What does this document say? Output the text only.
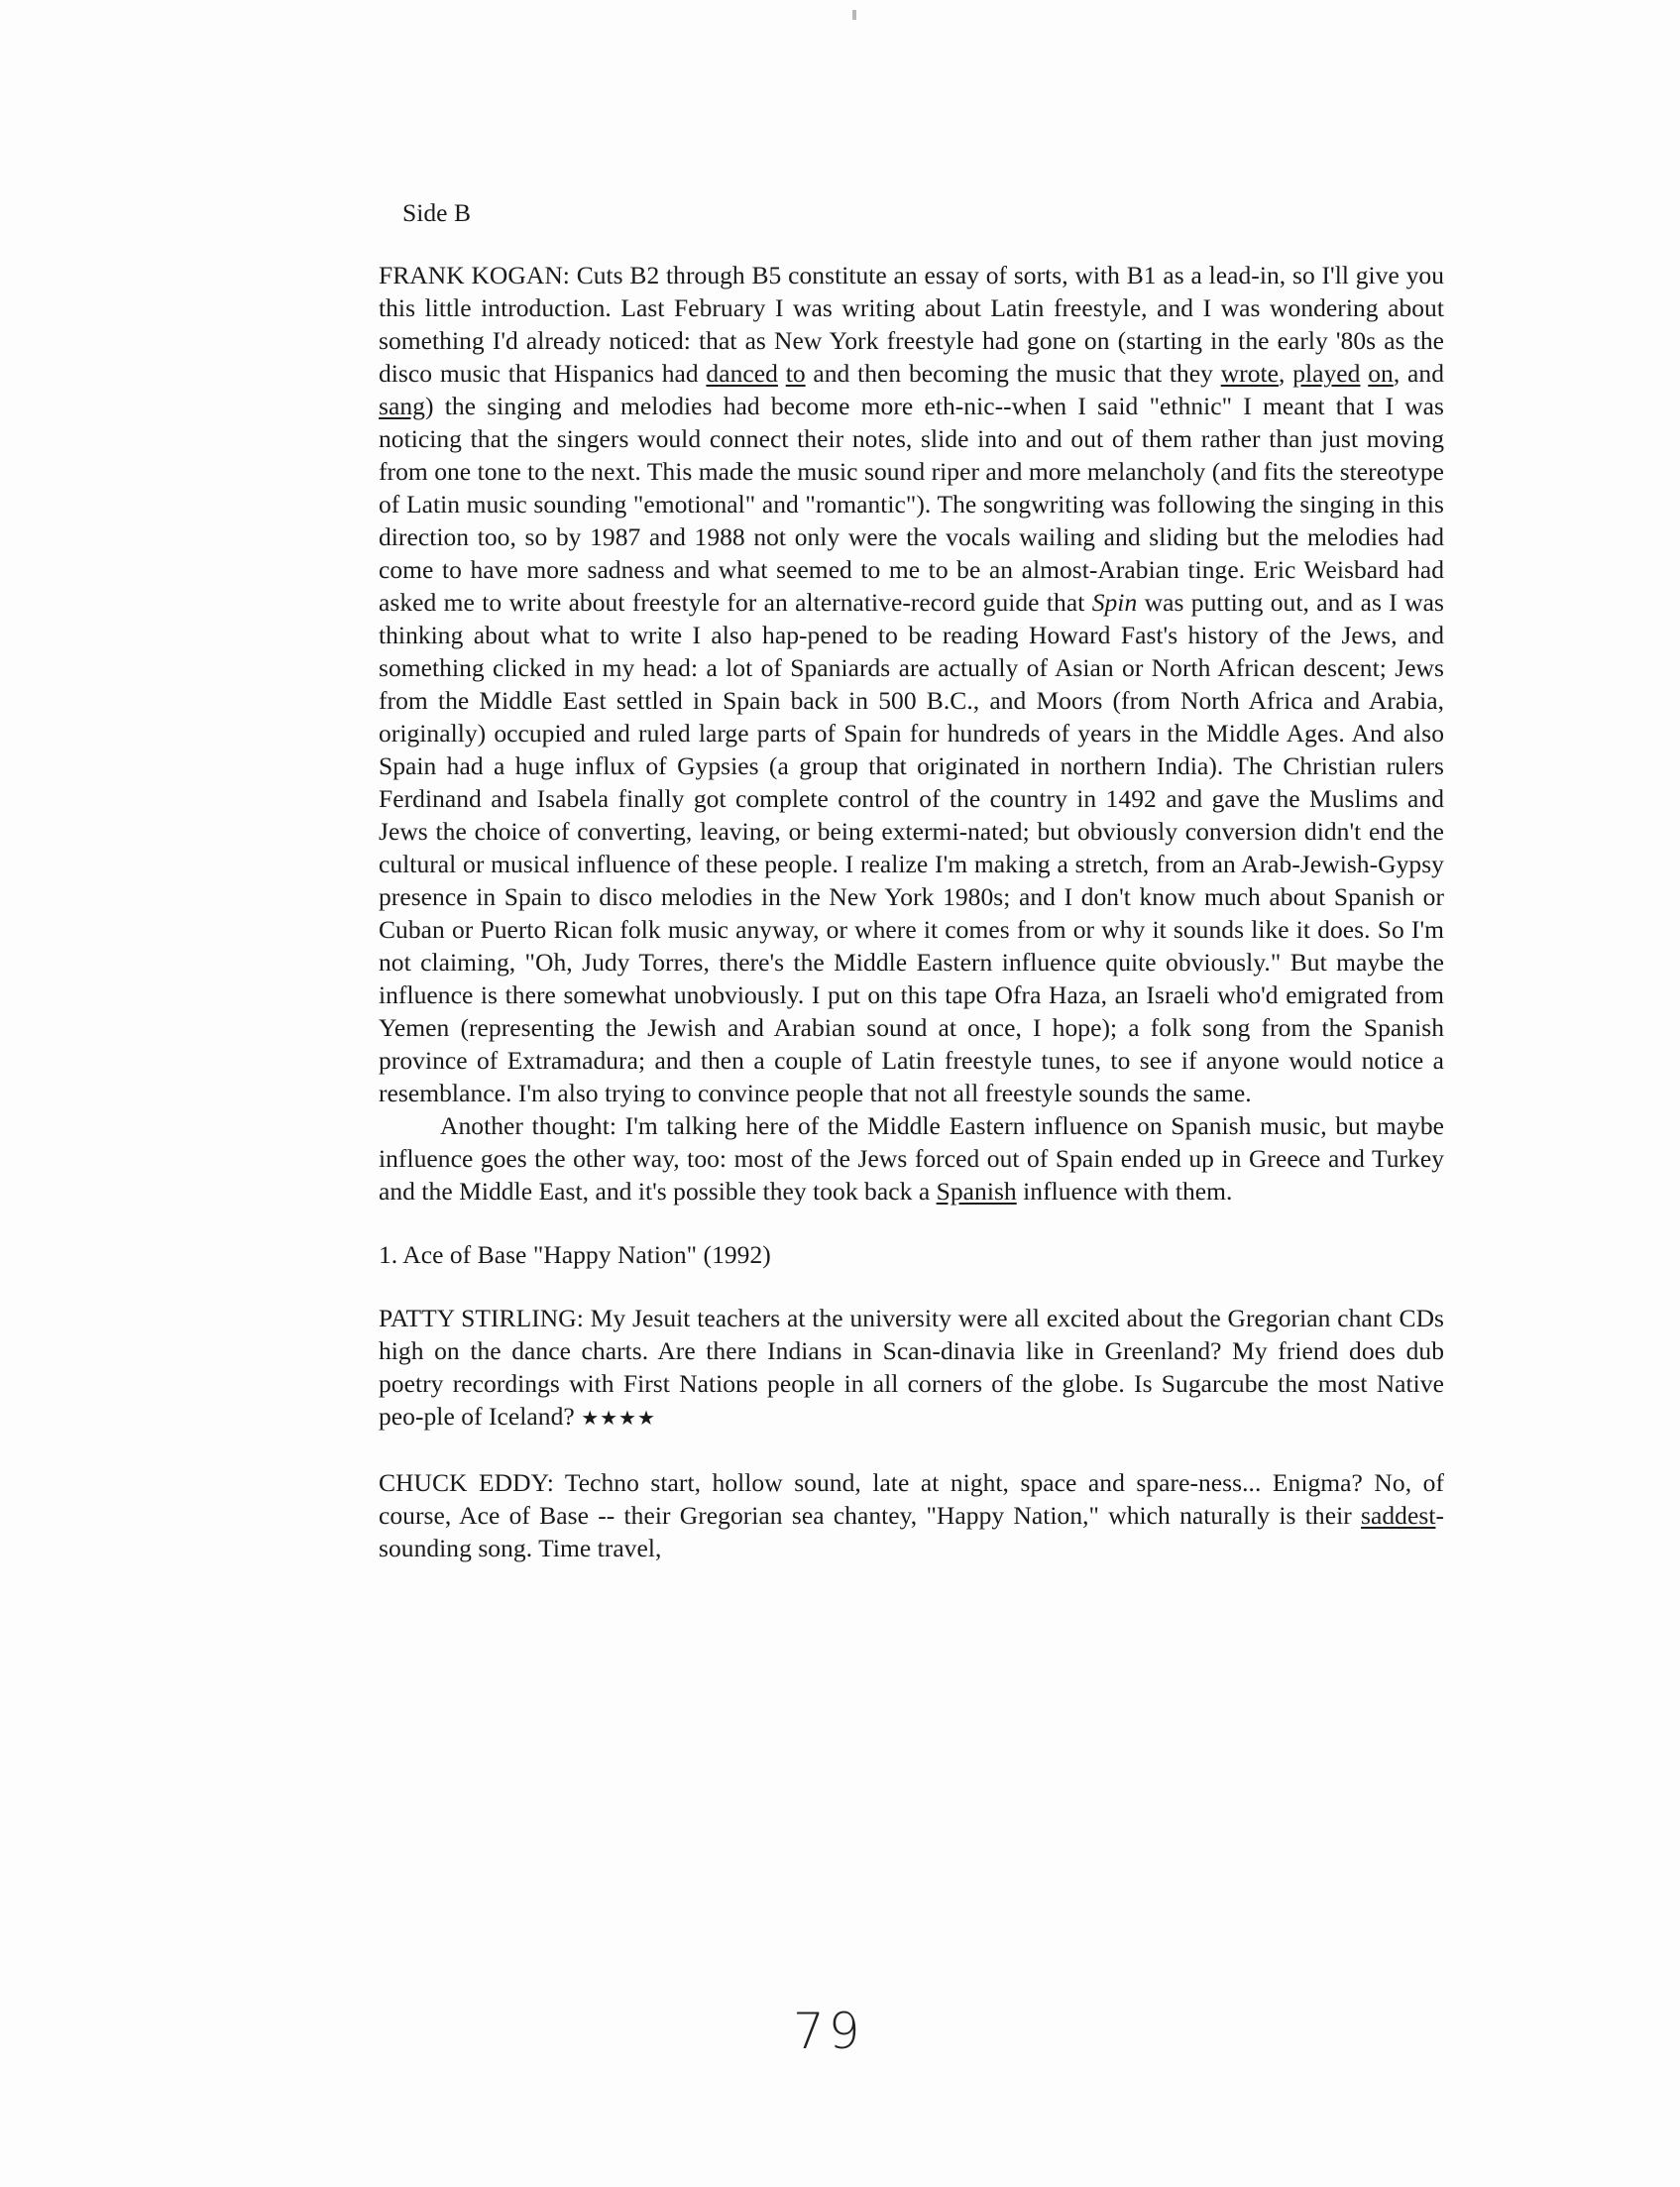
Side B
FRANK KOGAN: Cuts B2 through B5 constitute an essay of sorts, with B1 as a lead-in, so I'll give you this little introduction. Last February I was writing about Latin freestyle, and I was wondering about something I'd already noticed: that as New York freestyle had gone on (starting in the early '80s as the disco music that Hispanics had danced to and then becoming the music that they wrote, played on, and sang) the singing and melodies had become more eth-nic--when I said "ethnic" I meant that I was noticing that the singers would connect their notes, slide into and out of them rather than just moving from one tone to the next. This made the music sound riper and more melancholy (and fits the stereotype of Latin music sounding "emotional" and "romantic"). The songwriting was following the singing in this direction too, so by 1987 and 1988 not only were the vocals wailing and sliding but the melodies had come to have more sadness and what seemed to me to be an almost-Arabian tinge. Eric Weisbard had asked me to write about freestyle for an alternative-record guide that Spin was putting out, and as I was thinking about what to write I also hap-pened to be reading Howard Fast's history of the Jews, and something clicked in my head: a lot of Spaniards are actually of Asian or North African descent; Jews from the Middle East settled in Spain back in 500 B.C., and Moors (from North Africa and Arabia, originally) occupied and ruled large parts of Spain for hundreds of years in the Middle Ages. And also Spain had a huge influx of Gypsies (a group that originated in northern India). The Christian rulers Ferdinand and Isabela finally got complete control of the country in 1492 and gave the Muslims and Jews the choice of converting, leaving, or being extermi-nated; but obviously conversion didn't end the cultural or musical influence of these people. I realize I'm making a stretch, from an Arab-Jewish-Gypsy presence in Spain to disco melodies in the New York 1980s; and I don't know much about Spanish or Cuban or Puerto Rican folk music anyway, or where it comes from or why it sounds like it does. So I'm not claiming, "Oh, Judy Torres, there's the Middle Eastern influence quite obviously." But maybe the influence is there somewhat unobviously. I put on this tape Ofra Haza, an Israeli who'd emigrated from Yemen (representing the Jewish and Arabian sound at once, I hope); a folk song from the Spanish province of Extramadura; and then a couple of Latin freestyle tunes, to see if anyone would notice a resemblance. I'm also trying to convince people that not all freestyle sounds the same.
Another thought: I'm talking here of the Middle Eastern influence on Spanish music, but maybe influence goes the other way, too: most of the Jews forced out of Spain ended up in Greece and Turkey and the Middle East, and it's possible they took back a Spanish influence with them.
1. Ace of Base "Happy Nation" (1992)
PATTY STIRLING: My Jesuit teachers at the university were all excited about the Gregorian chant CDs high on the dance charts. Are there Indians in Scan-dinavia like in Greenland? My friend does dub poetry recordings with First Nations people in all corners of the globe. Is Sugarcube the most Native peo-ple of Iceland? ★★★★
CHUCK EDDY: Techno start, hollow sound, late at night, space and spare-ness... Enigma? No, of course, Ace of Base -- their Gregorian sea chantey, "Happy Nation," which naturally is their saddest-sounding song. Time travel,
79
